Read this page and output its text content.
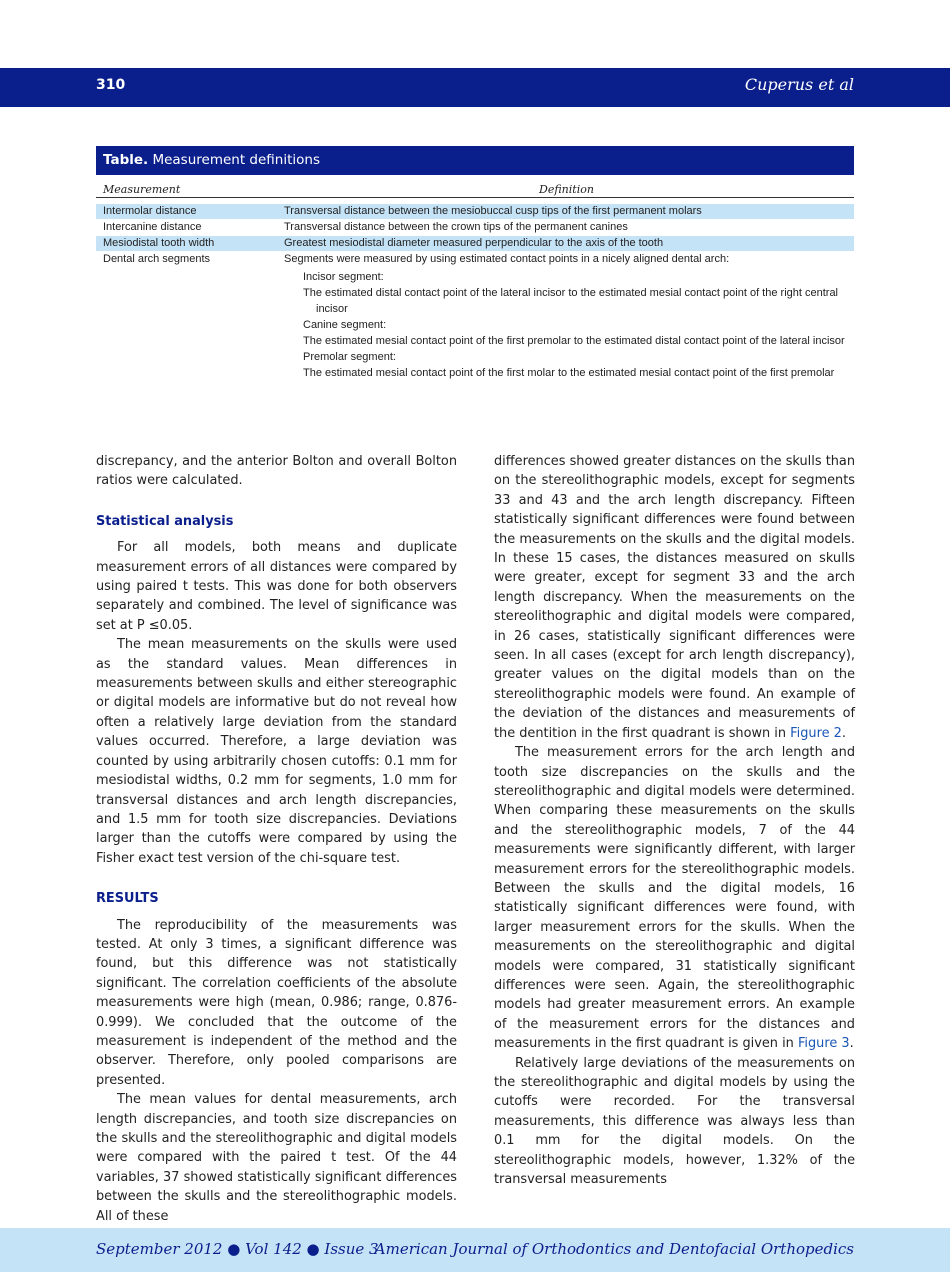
310	Cuperus et al
Table. Measurement definitions
Measurement	Definition
Intermolar distance	Transversal distance between the mesiobuccal cusp tips of the first permanent molars
Intercanine distance	Transversal distance between the crown tips of the permanent canines
Mesiodistal tooth width	Greatest mesiodistal diameter measured perpendicular to the axis of the tooth
Dental arch segments	Segments were measured by using estimated contact points in a nicely aligned dental arch:
Incisor segment:
The estimated distal contact point of the lateral incisor to the estimated mesial contact point of the right central incisor
Canine segment:
The estimated mesial contact point of the first premolar to the estimated distal contact point of the lateral incisor
Premolar segment:
The estimated mesial contact point of the first molar to the estimated mesial contact point of the first premolar

discrepancy, and the anterior Bolton and overall Bolton ratios were calculated.

Statistical analysis

For all models, both means and duplicate measurement errors of all distances were compared by using paired t tests. This was done for both observers separately and combined. The level of significance was set at P ≤0.05.

The mean measurements on the skulls were used as the standard values. Mean differences in measurements between skulls and either stereographic or digital models are informative but do not reveal how often a relatively large deviation from the standard values occurred. Therefore, a large deviation was counted by using arbitrarily chosen cutoffs: 0.1 mm for mesiodistal widths, 0.2 mm for segments, 1.0 mm for transversal distances and arch length discrepancies, and 1.5 mm for tooth size discrepancies. Deviations larger than the cutoffs were compared by using the Fisher exact test version of the chi-square test.

RESULTS

The reproducibility of the measurements was tested. At only 3 times, a significant difference was found, but this difference was not statistically significant. The correlation coefficients of the absolute measurements were high (mean, 0.986; range, 0.876-0.999). We concluded that the outcome of the measurement is independent of the method and the observer. Therefore, only pooled comparisons are presented.

The mean values for dental measurements, arch length discrepancies, and tooth size discrepancies on the skulls and the stereolithographic and digital models were compared with the paired t test. Of the 44 variables, 37 showed statistically significant differences between the skulls and the stereolithographic models. All of these

differences showed greater distances on the skulls than on the stereolithographic models, except for segments 33 and 43 and the arch length discrepancy. Fifteen statistically significant differences were found between the measurements on the skulls and the digital models. In these 15 cases, the distances measured on skulls were greater, except for segment 33 and the arch length discrepancy. When the measurements on the stereolithographic and digital models were compared, in 26 cases, statistically significant differences were seen. In all cases (except for arch length discrepancy), greater values on the digital models than on the stereolithographic models were found. An example of the deviation of the distances and measurements of the dentition in the first quadrant is shown in Figure 2.

The measurement errors for the arch length and tooth size discrepancies on the skulls and the stereolithographic and digital models were determined. When comparing these measurements on the skulls and the stereolithographic models, 7 of the 44 measurements were significantly different, with larger measurement errors for the stereolithographic models. Between the skulls and the digital models, 16 statistically significant differences were found, with larger measurement errors for the skulls. When the measurements on the stereolithographic and digital models were compared, 31 statistically significant differences were seen. Again, the stereolithographic models had greater measurement errors. An example of the measurement errors for the distances and measurements in the first quadrant is given in Figure 3.

Relatively large deviations of the measurements on the stereolithographic and digital models by using the cutoffs were recorded. For the transversal measurements, this difference was always less than 0.1 mm for the digital models. On the stereolithographic models, however, 1.32% of the transversal measurements

September 2012 ● Vol 142 ● Issue 3
American Journal of Orthodontics and Dentofacial Orthopedics
